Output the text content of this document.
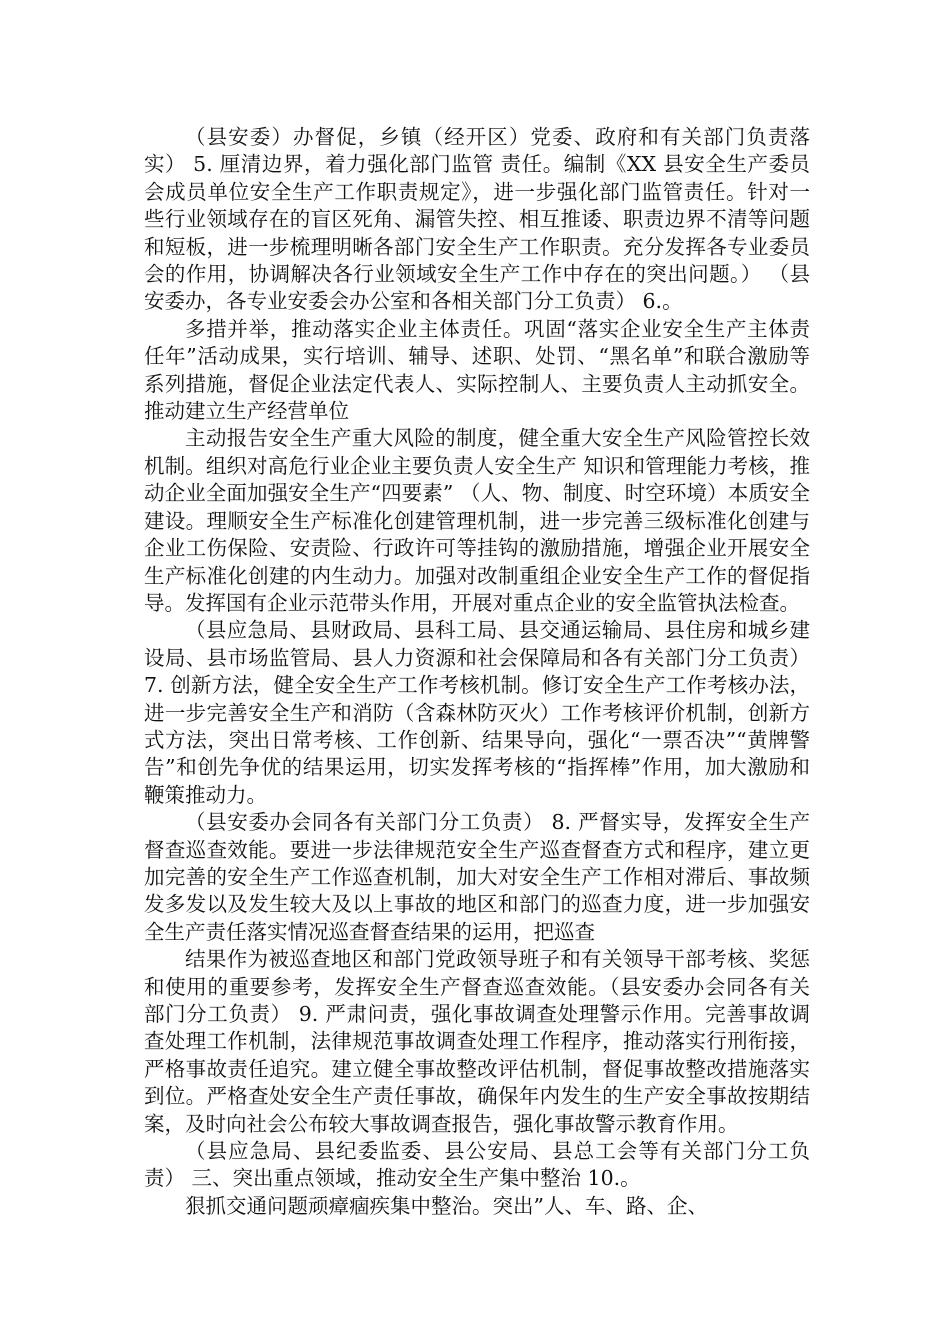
（县安委）办督促，乡镇（经开区）党委、政府和有关部门负责落实） 5. 厘清边界，着力强化部门监管 责任。编制《XX 县安全生产委员会成员单位安全生产工作职责规定》，进一步强化部门监管责任。针对一些行业领域存在的盲区死角、漏管失控、相互推诿、职责边界不清等问题和短板，进一步梳理明晰各部门安全生产工作职责。充分发挥各专业委员会的作用，协调解决各行业领域安全生产工作中存在的突出问题。） （县安委办，各专业安委会办公室和各相关部门分工负责） 6.。

多措并举，推动落实企业主体责任。巩固“落实企业安全生产主体责任年”活动成果，实行培训、辅导、述职、处罚、“黑名单”和联合激励等系列措施，督促企业法定代表人、实际控制人、主要负责人主动抓安全。推动建立生产经营单位

主动报告安全生产重大风险的制度，健全重大安全生产风险管控长效机制。组织对高危行业企业主要负责人安全生产 知识和管理能力考核，推动企业全面加强安全生产“四要素” （人、物、制度、时空环境）本质安全建设。理顺安全生产标准化创建管理机制，进一步完善三级标准化创建与企业工伤保险、安责险、行政许可等挂钩的激励措施，增强企业开展安全生产标准化创建的内生动力。加强对改制重组企业安全生产工作的督促指导。发挥国有企业示范带头作用，开展对重点企业的安全监管执法检查。

（县应急局、县财政局、县科工局、县交通运输局、县住房和城乡建设局、县市场监管局、县人力资源和社会保障局和各有关部门分工负责） 7. 创新方法，健全安全生产工作考核机制。修订安全生产工作考核办法，进一步完善安全生产和消防（含森林防灭火）工作考核评价机制，创新方式方法，突出日常考核、工作创新、结果导向，强化“一票否决”“黄牌警告”和创先争优的结果运用，切实发挥考核的“指挥棒”作用，加大激励和鞭策推动力。

（县安委办会同各有关部门分工负责） 8. 严督实导，发挥安全生产督查巡查效能。要进一步法律规范安全生产巡查督查方式和程序，建立更加完善的安全生产工作巡查机制，加大对安全生产工作相对滞后、事故频发多发以及发生较大及以上事故的地区和部门的巡查力度，进一步加强安全生产责任落实情况巡查督查结果的运用，把巡查

结果作为被巡查地区和部门党政领导班子和有关领导干部考核、奖惩和使用的重要参考，发挥安全生产督查巡查效能。（县安委办会同各有关部门分工负责） 9. 严肃问责，强化事故调查处理警示作用。完善事故调查处理工作机制，法律规范事故调查处理工作程序，推动落实行刑衔接，严格事故责任追究。建立健全事故整改评估机制，督促事故整改措施落实到位。严格查处安全生产责任事故，确保年内发生的生产安全事故按期结案，及时向社会公布较大事故调查报告，强化事故警示教育作用。

（县应急局、县纪委监委、县公安局、县总工会等有关部门分工负责） 三、突出重点领域，推动安全生产集中整治 10.。

狠抓交通问题顽瘴痼疾集中整治。突出”人、车、路、企、
